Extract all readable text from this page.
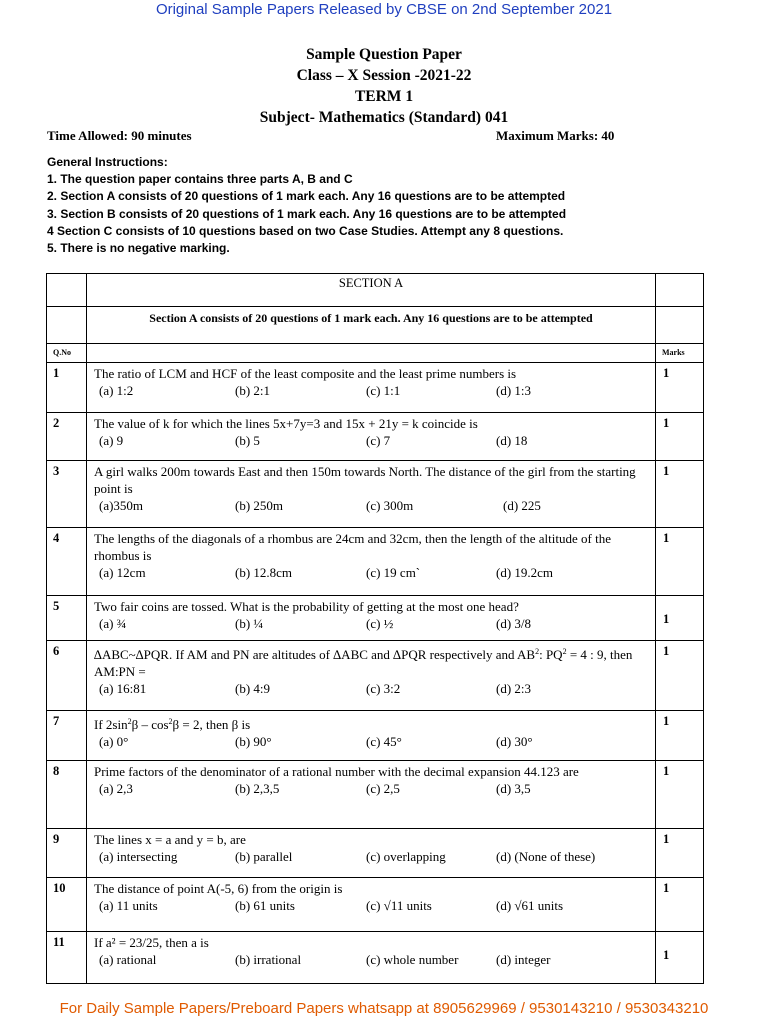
Original Sample Papers Released by CBSE on 2nd September 2021
Sample Question Paper
Class – X Session -2021-22
TERM 1
Subject- Mathematics (Standard) 041
Time Allowed: 90 minutes	Maximum Marks: 40
General Instructions:
1. The question paper contains three parts A, B and C
2. Section A consists of 20 questions of 1 mark each. Any 16 questions are to be attempted
3. Section B consists of 20 questions of 1 mark each. Any 16 questions are to be attempted
4 Section C consists of 10 questions based on two Case Studies. Attempt any 8 questions.
5. There is no negative marking.
	SECTION A	
	Section A consists of 20 questions of 1 mark each. Any 16 questions are to be attempted	
Q.No		Marks
1	The ratio of LCM and HCF of the least composite and the least prime numbers is
(a) 1:2 (b) 2:1 (c) 1:1 (d) 1:3	1
2	The value of k for which the lines 5x+7y=3 and 15x + 21y = k coincide is
(a) 9 (b) 5 (c) 7 (d) 18	1
3	A girl walks 200m towards East and then 150m towards North. The distance of the girl from the starting point is
(a)350m (b) 250m (c) 300m (d) 225	1
4	The lengths of the diagonals of a rhombus are 24cm and 32cm, then the length of the altitude of the rhombus is
(a) 12cm (b) 12.8cm (c) 19 cm` (d) 19.2cm	1
5	Two fair coins are tossed. What is the probability of getting at the most one head?
(a) ¾ (b) ¼ (c) ½ (d) 3/8	1
6	∆ABC~∆PQR. If AM and PN are altitudes of ∆ABC and ∆PQR respectively and $AB^2$: $PQ^2 = 4$ : 9, then AM:PN =
(a) 16:81 (b) 4:9 (c) 3:2 (d) 2:3	1
7	If $2\sin^2\beta - \cos^2\beta = 2$, then β is
(a) 0° (b) 90° (c) 45° (d) 30°	1
8	Prime factors of the denominator of a rational number with the decimal expansion 44.123 are
(a) 2,3 (b) 2,3,5 (c) 2,5 (d) 3,5	1
9	The lines x = a and y = b, are
(a) intersecting (b) parallel (c) overlapping (d) (None of these)	1
10	The distance of point A(-5, 6) from the origin is
(a) 11 units (b) 61 units (c) √11 units (d) √61 units	1
11	If a² = 23/25, then a is
(a) rational (b) irrational (c) whole number (d) integer	1
For Daily Sample Papers/Preboard Papers whatsapp at 8905629969 / 9530143210 / 9530343210
